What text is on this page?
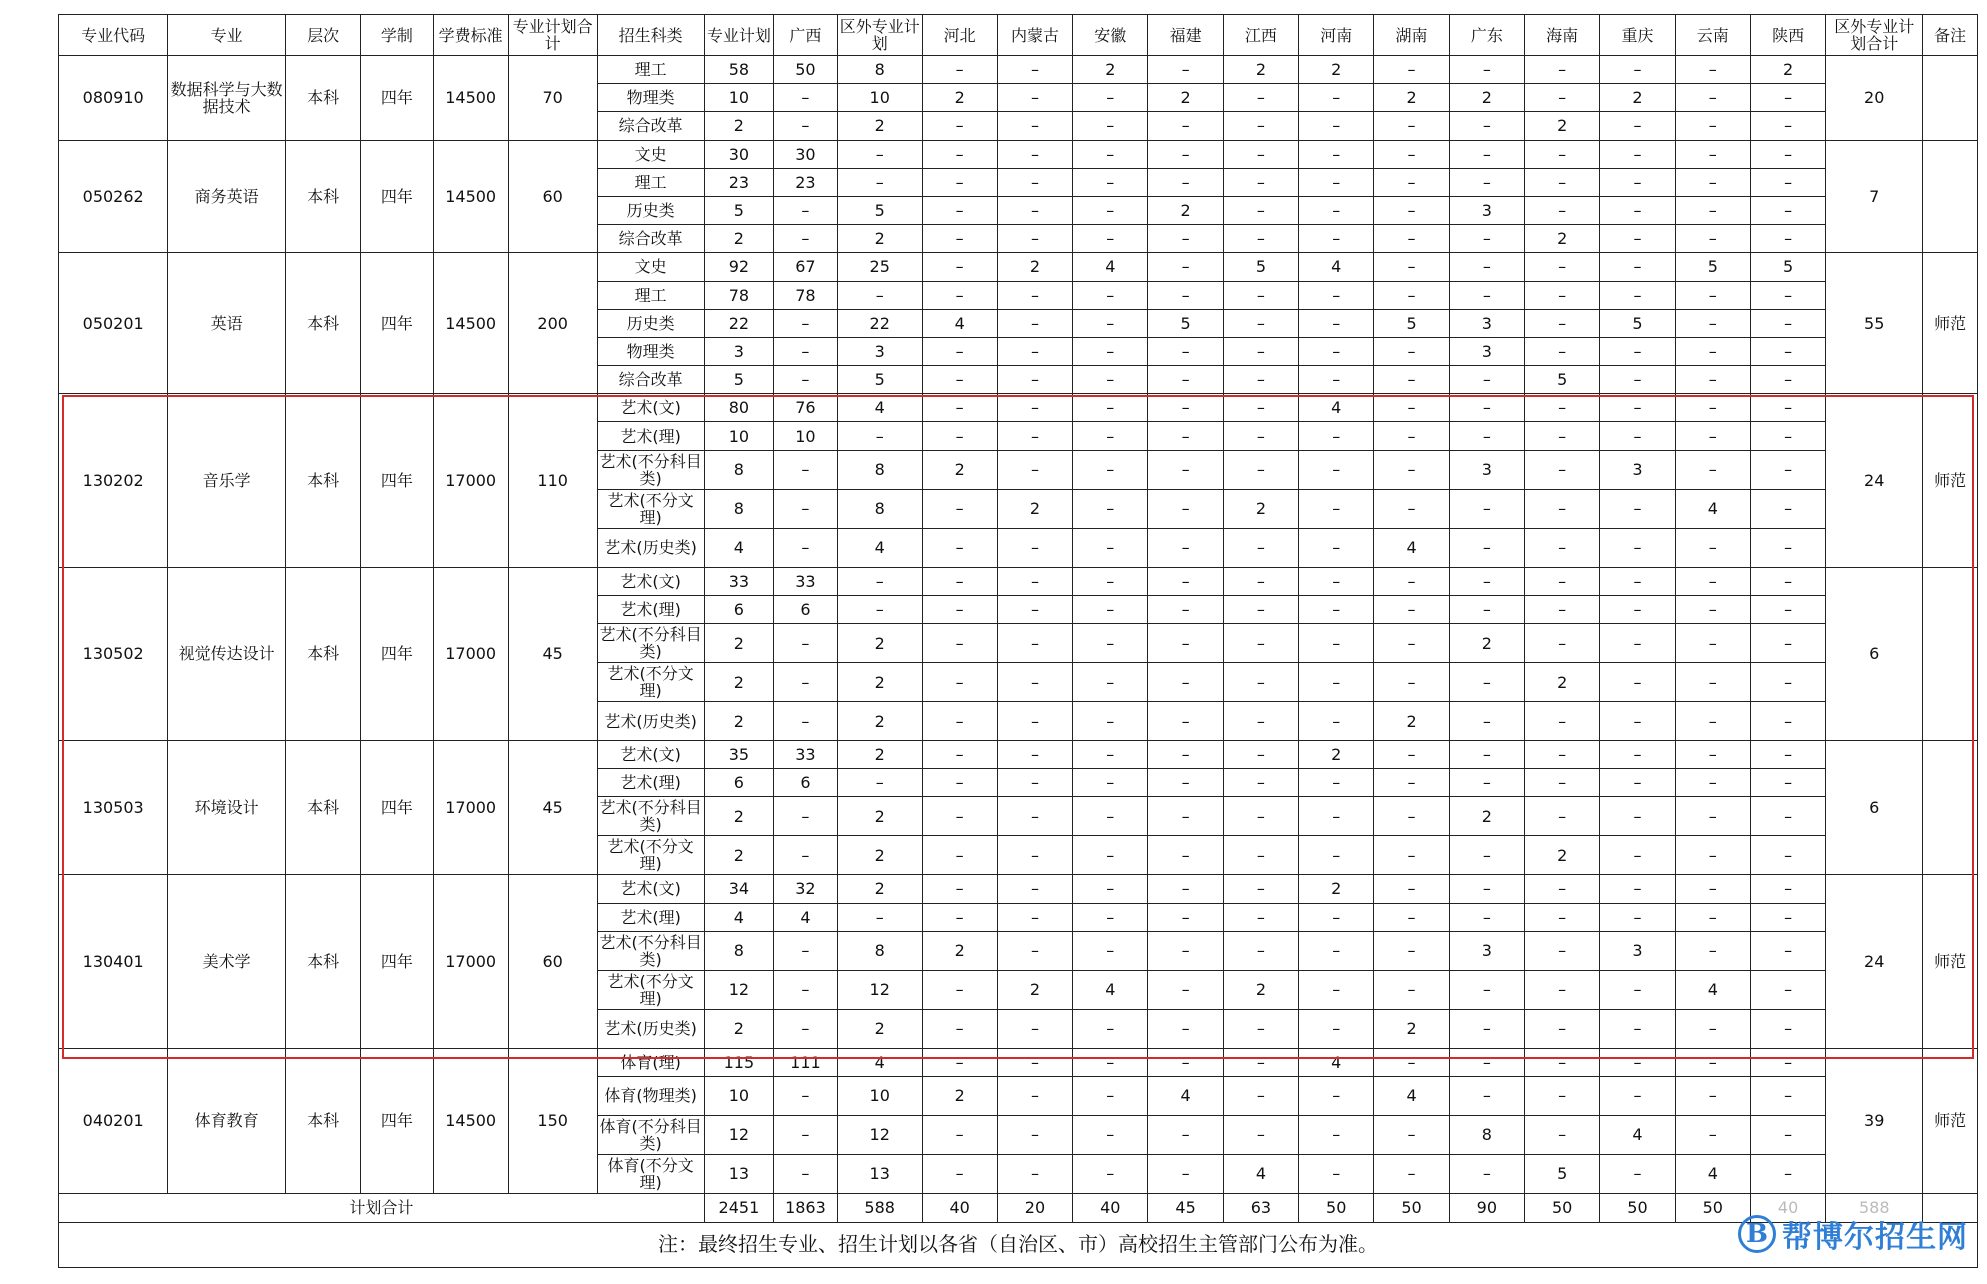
专业代码	专业	层次	学制	学费标准	专业计划合计	招生科类	专业计划	广西	区外专业计划	河北	内蒙古	安徽	福建	江西	河南	湖南	广东	海南	重庆	云南	陕西	区外专业计划合计	备注
080910	数据科学与大数据技术	本科	四年	14500	70	理工	58	50	8	–	–	2	–	2	2	–	–	–	–	–	2	20	
						物理类	10	–	10	2	–	–	2	–	–	2	2	–	2	–	–		
						综合改革	2	–	2	–	–	–	–	–	–	–	–	2	–	–	–		
050262	商务英语	本科	四年	14500	60	文史	30	30	–	–	–	–	–	–	–	–	–	–	–	–	–	7	
						理工	23	23	–	–	–	–	–	–	–	–	–	–	–	–	–		
						历史类	5	–	5	–	–	–	2	–	–	–	3	–	–	–	–		
						综合改革	2	–	2	–	–	–	–	–	–	–	–	2	–	–	–		
050201	英语	本科	四年	14500	200	文史	92	67	25	–	2	4	–	5	4	–	–	–	–	5	5	55	师范
						理工	78	78	–	–	–	–	–	–	–	–	–	–	–	–	–		
						历史类	22	–	22	4	–	–	5	–	–	5	3	–	5	–	–		
						物理类	3	–	3	–	–	–	–	–	–	–	3	–	–	–	–		
						综合改革	5	–	5	–	–	–	–	–	–	–	–	5	–	–	–		
130202	音乐学	本科	四年	17000	110	艺术(文)	80	76	4	–	–	–	–	–	4	–	–	–	–	–	–	24	师范
						艺术(理)	10	10	–	–	–	–	–	–	–	–	–	–	–	–	–		
						艺术(不分科目类)	8	–	8	2	–	–	–	–	–	–	3	–	3	–	–		
						艺术(不分文理)	8	–	8	–	2	–	–	2	–	–	–	–	–	4	–		
						艺术(历史类)	4	–	4	–	–	–	–	–	–	4	–	–	–	–	–		
130502	视觉传达设计	本科	四年	17000	45	艺术(文)	33	33	–	–	–	–	–	–	–	–	–	–	–	–	–	6	
						艺术(理)	6	6	–	–	–	–	–	–	–	–	–	–	–	–	–		
						艺术(不分科目类)	2	–	2	–	–	–	–	–	–	–	2	–	–	–	–		
						艺术(不分文理)	2	–	2	–	–	–	–	–	–	–	–	2	–	–	–		
						艺术(历史类)	2	–	2	–	–	–	–	–	–	2	–	–	–	–	–		
130503	环境设计	本科	四年	17000	45	艺术(文)	35	33	2	–	–	–	–	–	2	–	–	–	–	–	–	6	
						艺术(理)	6	6	–	–	–	–	–	–	–	–	–	–	–	–	–		
						艺术(不分科目类)	2	–	2	–	–	–	–	–	–	–	2	–	–	–	–		
						艺术(不分文理)	2	–	2	–	–	–	–	–	–	–	–	2	–	–	–		
130401	美术学	本科	四年	17000	60	艺术(文)	34	32	2	–	–	–	–	–	2	–	–	–	–	–	–	24	师范
						艺术(理)	4	4	–	–	–	–	–	–	–	–	–	–	–	–	–		
						艺术(不分科目类)	8	–	8	2	–	–	–	–	–	–	3	–	3	–	–		
						艺术(不分文理)	12	–	12	–	2	4	–	2	–	–	–	–	–	4	–		
						艺术(历史类)	2	–	2	–	–	–	–	–	–	2	–	–	–	–	–		
040201	体育教育	本科	四年	14500	150	体育(理)	115	111	4	–	–	–	–	–	4	–	–	–	–	–	–	39	师范
						体育(物理类)	10	–	10	2	–	–	4	–	–	4	–	–	–	–	–		
						体育(不分科目类)	12	–	12	–	–	–	–	–	–	–	8	–	4	–	–		
						体育(不分文理)	13	–	13	–	–	–	–	4	–	–	–	5	–	4	–		
计划合计							2451	1863	588	40	20	40	45	63	50	50	90	50	50	50	40	588	
注：最终招生专业、招生计划以各省（自治区、市）高校招生主管部门公布为准。																								B 帮博尔招生网
